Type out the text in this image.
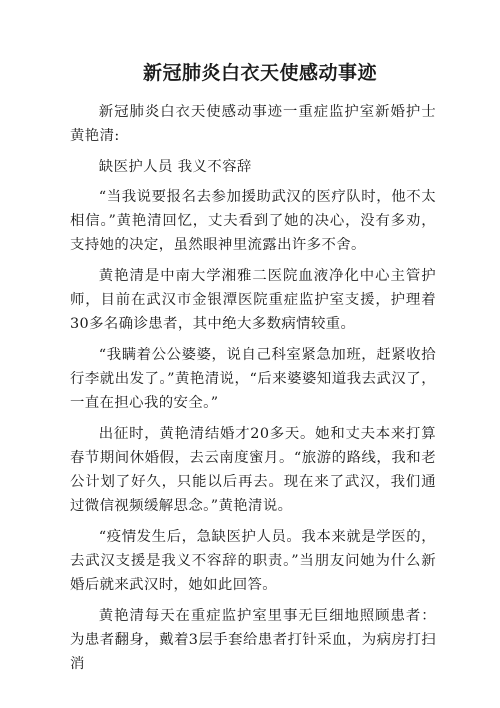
新冠肺炎白衣天使感动事迹

新冠肺炎白衣天使感动事迹一重症监护室新婚护士黄艳清:

缺医护人员 我义不容辞

“当我说要报名去参加援助武汉的医疗队时，他不太相信。”黄艳清回忆，丈夫看到了她的决心，没有多劝，支持她的决定，虽然眼神里流露出许多不舍。

黄艳清是中南大学湘雅二医院血液净化中心主管护师，目前在武汉市金银潭医院重症监护室支援，护理着30多名确诊患者，其中绝大多数病情较重。

“我瞒着公公婆婆，说自己科室紧急加班，赶紧收拾行李就出发了。”黄艳清说，“后来婆婆知道我去武汉了，一直在担心我的安全。”

出征时，黄艳清结婚才20多天。她和丈夫本来打算春节期间休婚假，去云南度蜜月。“旅游的路线，我和老公计划了好久，只能以后再去。现在来了武汉，我们通过微信视频缓解思念。”黄艳清说。

“疫情发生后，急缺医护人员。我本来就是学医的，去武汉支援是我义不容辞的职责。”当朋友问她为什么新婚后就来武汉时，她如此回答。

黄艳清每天在重症监护室里事无巨细地照顾患者：为患者翻身，戴着3层手套给患者打针采血，为病房打扫消
